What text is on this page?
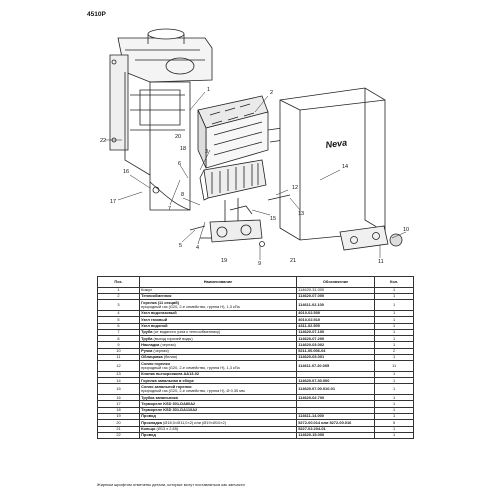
4510P
Neva
1	2
3
4
5
6
7
8
9
10
11
12
13
14
15
16
17
18
19
20
21
22
Поз.	Наименование	Обозначение	Кол.
1	Кожух	114620-31.000	1
2	Теплообменник	114620-07.000	1
3	Горелка (11 секций)
природный газ (G20, 2-е семейство, группа H), 1,3 кПа	114611-02.100	1
4	Узел водогазовый	4010-02.500	1
5	Узел газовый	4010-02.510	1
6	Узел водяной	4311-02.505	1
7	Труба (от водяного узла к теплообменнику)	114620-07.100	1
8	Труба (выход горячей воды)	114620-07.200	1
9	Накладка (черная)	114620-03.002	1
10	Ручка (черная)	5211-00.006-04	2
11	Облицовка (белая)	114620-03.001	1
12	Сопло горелки
природный газ (G20, 2-е семейство, группа H), 1,3 кПа	114611.07.20.005	11
13	Кнопка пьезорозжига АА13-02		1
14	Горелка запальная в сборе	114620.07.30.000	1
15	Сопло запальной горелки
природный газ (G20, 2-е семейство, группа H), Ø 0,35 мм	114620.07.00.010-01	1
16	Трубка запальника	114620-02.700	1
17	Термореле KSD 301-DA80A2		1
18	Термореле KSD 301-DA110A2		1
19	Провод	114611-14.000	1
20	Прокладка (Ø18,0×Ø11,0×2) или (Ø19×Ø10×2)	5272-00.014 или 5272-00.016	5
21	Кольцо (Ø13 х 2,65)	5227-02.204-01	1
22	Провод	114620-15.000	1
Жирным шрифтом отмечены детали, которые могут поставляться как запчасти
